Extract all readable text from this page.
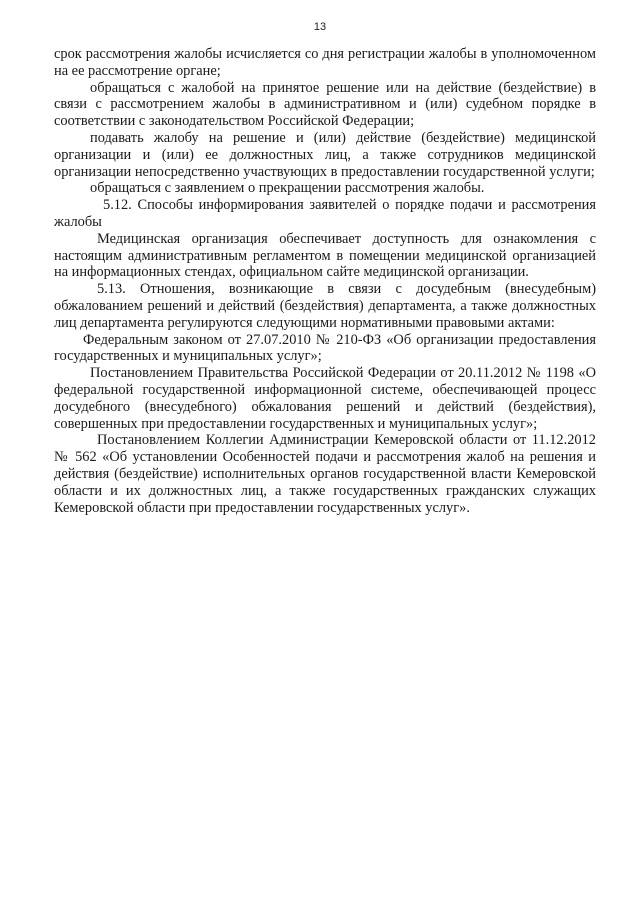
13

срок рассмотрения жалобы исчисляется со дня регистрации жалобы в уполномоченном на ее рассмотрение органе;

обращаться с жалобой на принятое решение или на действие (бездействие) в связи с рассмотрением жалобы в административном и (или) судебном порядке в соответствии с законодательством Российской Федерации;

подавать жалобу на решение и (или) действие (бездействие) медицинской организации и (или) ее должностных лиц, а также сотрудников медицинской организации непосредственно участвующих в предоставлении государственной услуги;

обращаться с заявлением о прекращении рассмотрения жалобы.

5.12. Способы информирования заявителей о порядке подачи и рассмотрения жалобы

Медицинская организация обеспечивает доступность для ознакомления с настоящим административным регламентом в помещении медицинской организацией на информационных стендах, официальном сайте медицинской организации.

5.13. Отношения, возникающие в связи с досудебным (внесудебным) обжалованием решений и действий (бездействия) департамента, а также должностных лиц департамента регулируются следующими нормативными правовыми актами:

Федеральным законом от 27.07.2010 № 210-ФЗ «Об организации предоставления государственных и муниципальных услуг»;

Постановлением Правительства Российской Федерации от 20.11.2012 № 1198 «О федеральной государственной информационной системе, обеспечивающей процесс досудебного (внесудебного) обжалования решений и действий (бездействия), совершенных при предоставлении государственных и муниципальных услуг»;

Постановлением Коллегии Администрации Кемеровской области от 11.12.2012 № 562 «Об установлении Особенностей подачи и рассмотрения жалоб на решения и действия (бездействие) исполнительных органов государственной власти Кемеровской области и их должностных лиц, а также государственных гражданских служащих Кемеровской области при предоставлении государственных услуг».
